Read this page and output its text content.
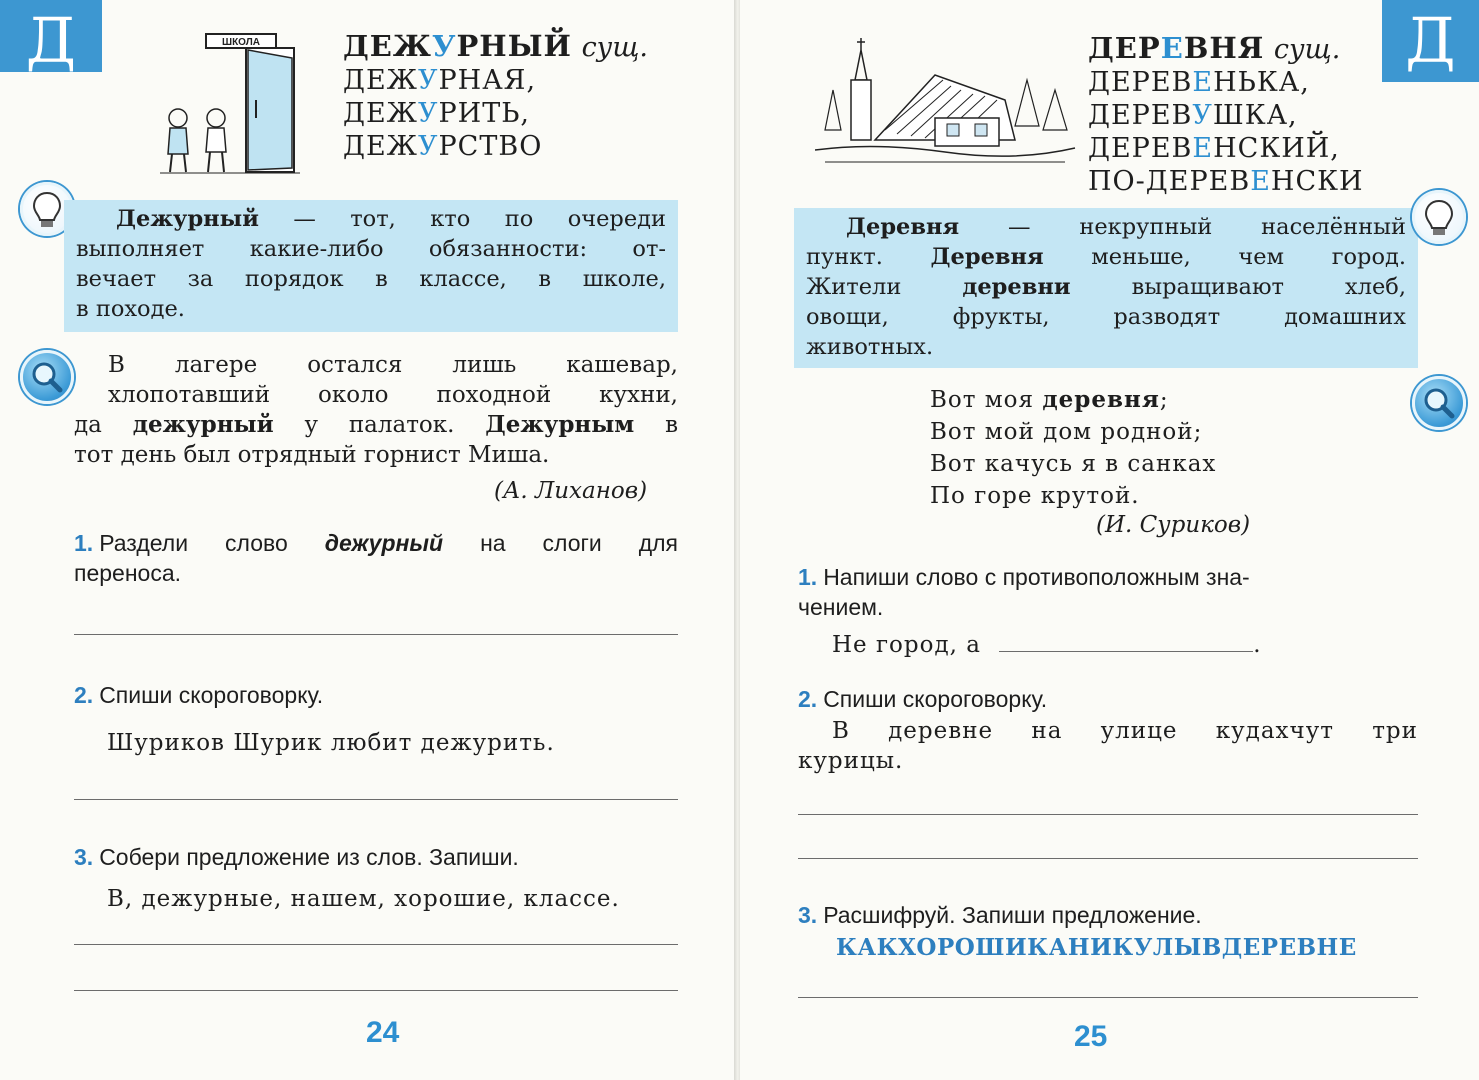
Д	ШКОЛА	ДЕЖУРНЫЙ сущ.
ДЕЖУРНАЯ,
ДЕЖУРИТЬ,
ДЕЖУРСТВО
Дежурный — тот, кто по очереди
выполняет какие-либо обязанности: от-
вечает за порядок в классе, в школе,
в походе.
В лагере остался лишь кашевар,
хлопотавший около походной кухни,
да дежурный у палаток. Дежурным в
тот день был отрядный горнист Миша.
(А. Лиханов)
1. Раздели слово дежурный на слоги для
переноса.
2. Спиши скороговорку.
Шуриков Шурик любит дежурить.
3. Собери предложение из слов. Запиши.
В, дежурные, нашем, хорошие, классе.
24
Д
ДЕРЕВНЯ сущ.
ДЕРЕВЕНЬКА,
ДЕРЕВУШКА,
ДЕРЕВЕНСКИЙ,
ПО-ДЕРЕВЕНСКИ
Деревня — некрупный населённый
пункт. Деревня меньше, чем город.
Жители	деревни	выращивают хлеб,
овощи, фрукты, разводят домашних
животных.
Вот моя деревня;
Вот мой дом родной;
Вот качусь я в санках
По горе крутой.
(И. Суриков)
1. Напиши слово с противоположным зна-
чением.
Не город, а	.
2. Спиши скороговорку.
В деревне на улице кудахчут три
курицы.
3. Расшифруй. Запиши предложение.
КАКХОРОШИКАНИКУЛЫВДЕРЕВНЕ
25
